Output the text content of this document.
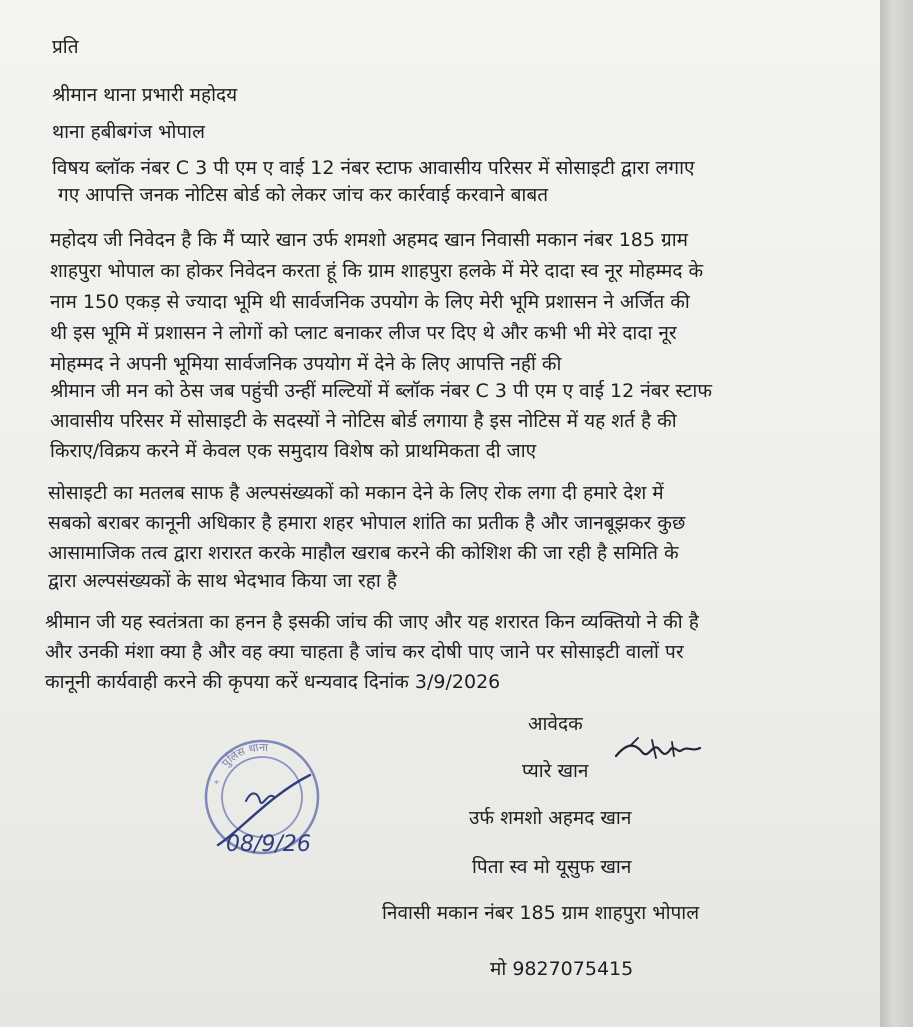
प्रति

श्रीमान थाना प्रभारी महोदय

थाना हबीबगंज भोपाल

विषय ब्लॉक नंबर C 3 पी एम ए वाई 12 नंबर स्टाफ आवासीय परिसर में सोसाइटी द्वारा लगाए

गए आपत्ति जनक नोटिस बोर्ड को लेकर जांच कर कार्रवाई करवाने बाबत

महोदय जी निवेदन है कि मैं प्यारे खान उर्फ शमशो अहमद खान निवासी मकान नंबर 185 ग्राम

शाहपुरा भोपाल का होकर निवेदन करता हूं कि ग्राम शाहपुरा हलके में मेरे दादा स्व नूर मोहम्मद के

नाम 150 एकड़ से ज्यादा भूमि थी सार्वजनिक उपयोग के लिए मेरी भूमि प्रशासन ने अर्जित की

थी इस भूमि में प्रशासन ने लोगों को प्लाट बनाकर लीज पर दिए थे और कभी भी मेरे दादा नूर

मोहम्मद ने अपनी भूमिया सार्वजनिक उपयोग में देने के लिए आपत्ति नहीं की

श्रीमान जी मन को ठेस जब पहुंची उन्हीं मल्टियों में ब्लॉक नंबर C 3 पी एम ए वाई 12 नंबर स्टाफ

आवासीय परिसर में सोसाइटी के सदस्यों ने नोटिस बोर्ड लगाया है इस नोटिस में यह शर्त है की

किराए/विक्रय करने में केवल एक समुदाय विशेष को प्राथमिकता दी जाए

सोसाइटी का मतलब साफ है अल्पसंख्यकों को मकान देने के लिए रोक लगा दी हमारे देश में

सबको बराबर कानूनी अधिकार है हमारा शहर भोपाल शांति का प्रतीक है और जानबूझकर कुछ

आसामाजिक तत्व द्वारा शरारत करके माहौल खराब करने की कोशिश की जा रही है समिति के

द्वारा अल्पसंख्यकों के साथ भेदभाव किया जा रहा है

श्रीमान जी यह स्वतंत्रता का हनन है इसकी जांच की जाए और यह शरारत किन व्यक्तियो ने की है

और उनकी मंशा क्या है और वह क्या चाहता है जांच कर दोषी पाए जाने पर सोसाइटी वालों पर

कानूनी कार्यवाही करने की कृपया करें धन्यवाद दिनांक 3/9/2026

आवेदक

प्यारे खान

उर्फ शमशो अहमद खान

पिता स्व मो यूसुफ खान

निवासी मकान नंबर 185 ग्राम शाहपुरा भोपाल

मो 9827075415

पुलिस थाना
*
08/9/26
